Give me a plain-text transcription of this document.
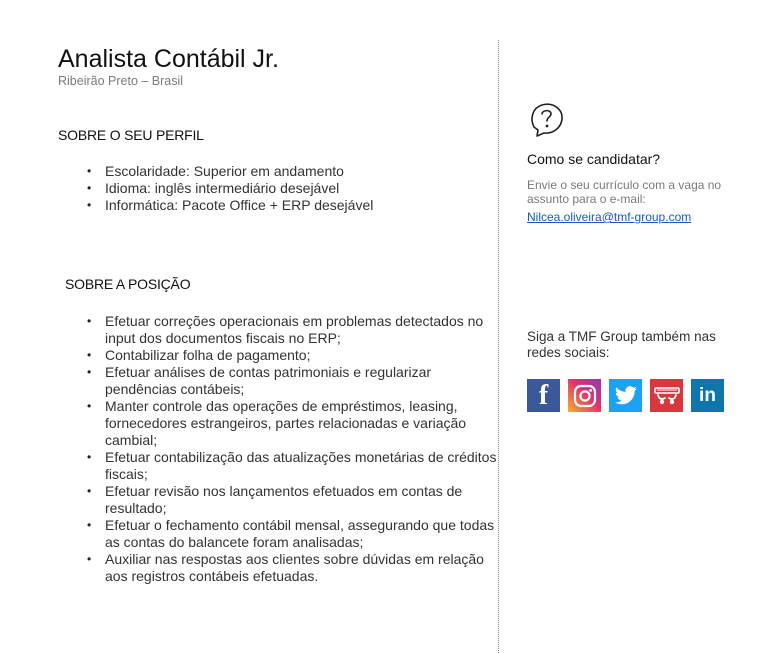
Analista Contábil Jr.
Ribeirão Preto – Brasil
SOBRE O SEU PERFIL
• Escolaridade: Superior em andamento
• Idioma: inglês intermediário desejável
• Informática: Pacote Office + ERP desejável
SOBRE A POSIÇÃO
• Efetuar correções operacionais em problemas detectados no input dos documentos fiscais no ERP;
• Contabilizar folha de pagamento;
• Efetuar análises de contas patrimoniais e regularizar pendências contábeis;
• Manter controle das operações de empréstimos, leasing, fornecedores estrangeiros, partes relacionadas e variação cambial;
• Efetuar contabilização das atualizações monetárias de créditos fiscais;
• Efetuar revisão nos lançamentos efetuados em contas de resultado;
• Efetuar o fechamento contábil mensal, assegurando que todas as contas do balancete foram analisadas;
• Auxiliar nas respostas aos clientes sobre dúvidas em relação aos registros contábeis efetuadas.
Como se candidatar?
Envie o seu currículo com a vaga no assunto para o e-mail:
Nilcea.oliveira@tmf-group.com
Siga a TMF Group também nas redes sociais:
f	in
